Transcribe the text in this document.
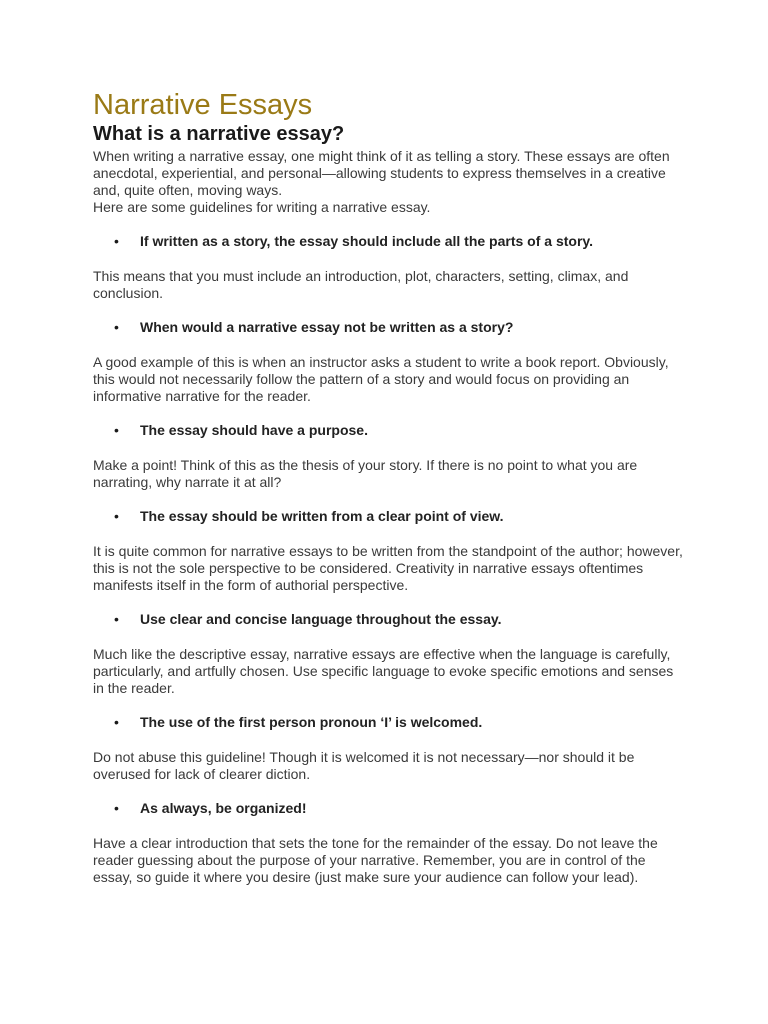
Narrative Essays
What is a narrative essay?

When writing a narrative essay, one might think of it as telling a story. These essays are often anecdotal, experiential, and personal—allowing students to express themselves in a creative and, quite often, moving ways.

Here are some guidelines for writing a narrative essay.

•	If written as a story, the essay should include all the parts of a story.

This means that you must include an introduction, plot, characters, setting, climax, and conclusion.

•	When would a narrative essay not be written as a story?

A good example of this is when an instructor asks a student to write a book report. Obviously, this would not necessarily follow the pattern of a story and would focus on providing an informative narrative for the reader.

•	The essay should have a purpose.

Make a point! Think of this as the thesis of your story. If there is no point to what you are narrating, why narrate it at all?

•	The essay should be written from a clear point of view.

It is quite common for narrative essays to be written from the standpoint of the author; however, this is not the sole perspective to be considered. Creativity in narrative essays oftentimes manifests itself in the form of authorial perspective.

•	Use clear and concise language throughout the essay.

Much like the descriptive essay, narrative essays are effective when the language is carefully, particularly, and artfully chosen. Use specific language to evoke specific emotions and senses in the reader.

•	The use of the first person pronoun ‘I’ is welcomed.

Do not abuse this guideline! Though it is welcomed it is not necessary—nor should it be overused for lack of clearer diction.

•	As always, be organized!

Have a clear introduction that sets the tone for the remainder of the essay. Do not leave the reader guessing about the purpose of your narrative. Remember, you are in control of the essay, so guide it where you desire (just make sure your audience can follow your lead).
